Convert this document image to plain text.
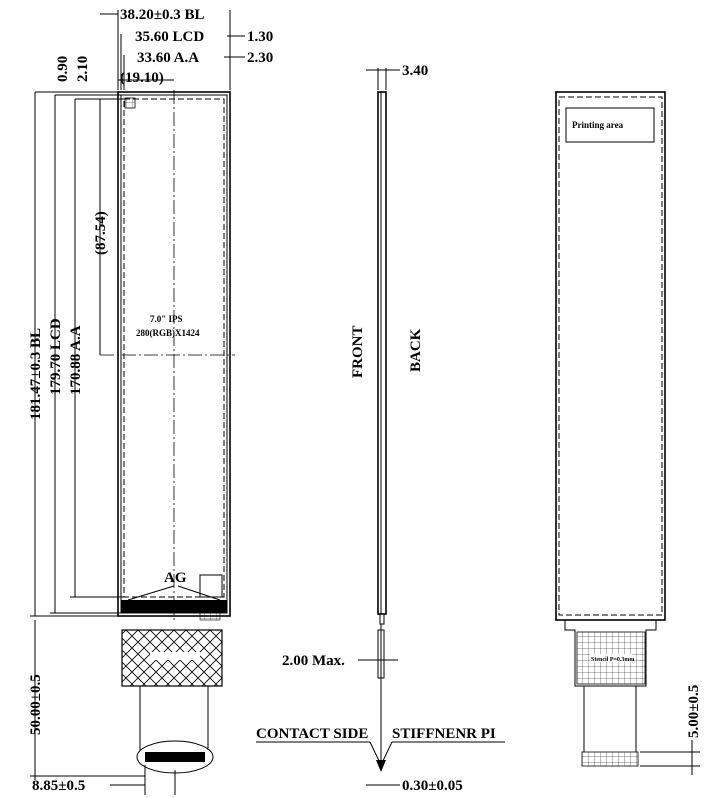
7.0" IPS
280(RGB)X1424
AG
38.20±0.3 BL
35.60 LCD
33.60 A.A
1.30
2.30
(19.10)
0.90 2.10
181.47±0.3 BL 179.70 LCD 170.88 A.A
(87.54)
50.00±0.5
8.85±0.5
3.40
FRONT	BACK
2.00 Max.
CONTACT SIDE STIFFNENR PI
0.30±0.05
Printing area
Stencil P=0.3mm
5.00±0.5
